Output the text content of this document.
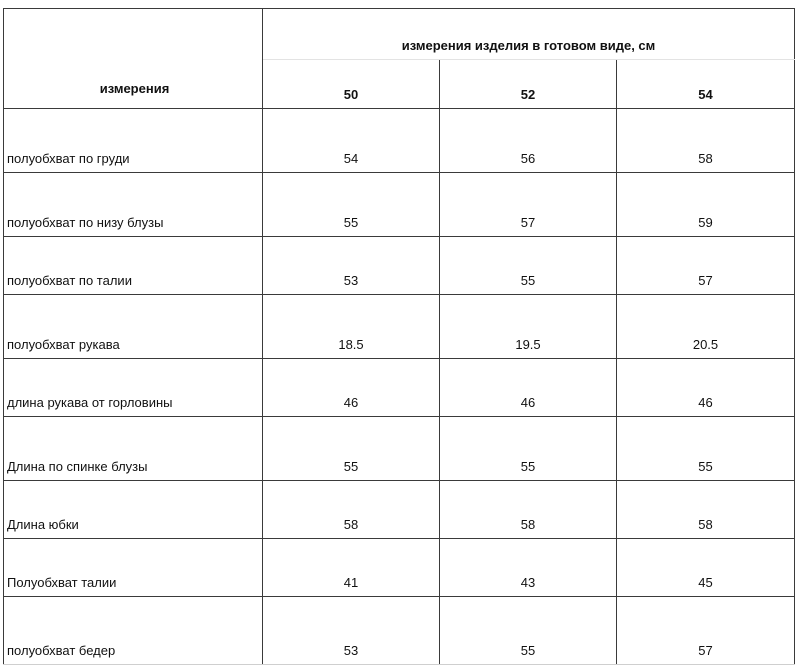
измерения	измерения изделия в готовом виде, см		
	50	52	54
полуобхват по груди	54	56	58
полуобхват по низу блузы	55	57	59
полуобхват по талии	53	55	57
полуобхват рукава	18.5	19.5	20.5
длина рукава от горловины	46	46	46
Длина по спинке блузы	55	55	55
Длина юбки	58	58	58
Полуобхват талии	41	43	45
полуобхват бедер	53	55	57
